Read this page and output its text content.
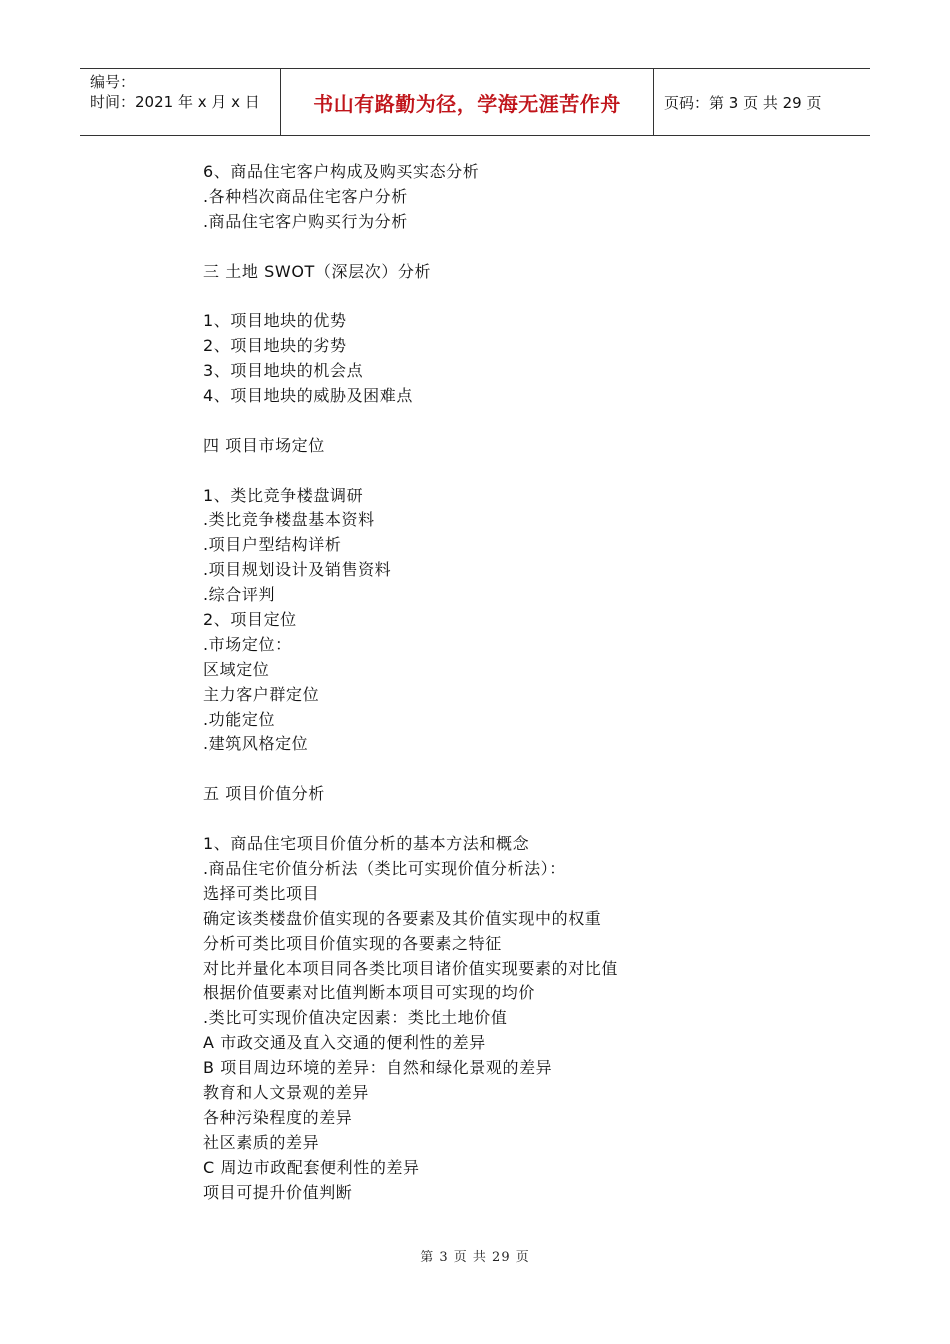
编号：
时间：2021 年 x 月 x 日	书山有路勤为径，学海无涯苦作舟	页码：第 3 页 共 29 页
6、商品住宅客户构成及购买实态分析
.各种档次商品住宅客户分析
.商品住宅客户购买行为分析
三 土地 SWOT（深层次）分析
1、项目地块的优势
2、项目地块的劣势
3、项目地块的机会点
4、项目地块的威胁及困难点
四 项目市场定位
1、类比竞争楼盘调研
.类比竞争楼盘基本资料
.项目户型结构详析
.项目规划设计及销售资料
.综合评判
2、项目定位
.市场定位：
区域定位
主力客户群定位
.功能定位
.建筑风格定位
五 项目价值分析
1、商品住宅项目价值分析的基本方法和概念
.商品住宅价值分析法（类比可实现价值分析法）：
选择可类比项目
确定该类楼盘价值实现的各要素及其价值实现中的权重
分析可类比项目价值实现的各要素之特征
对比并量化本项目同各类比项目诸价值实现要素的对比值
根据价值要素对比值判断本项目可实现的均价
.类比可实现价值决定因素：类比土地价值
A 市政交通及直入交通的便利性的差异
B 项目周边环境的差异：自然和绿化景观的差异
教育和人文景观的差异
各种污染程度的差异
社区素质的差异
C 周边市政配套便利性的差异
项目可提升价值判断
第 3 页 共 29 页
